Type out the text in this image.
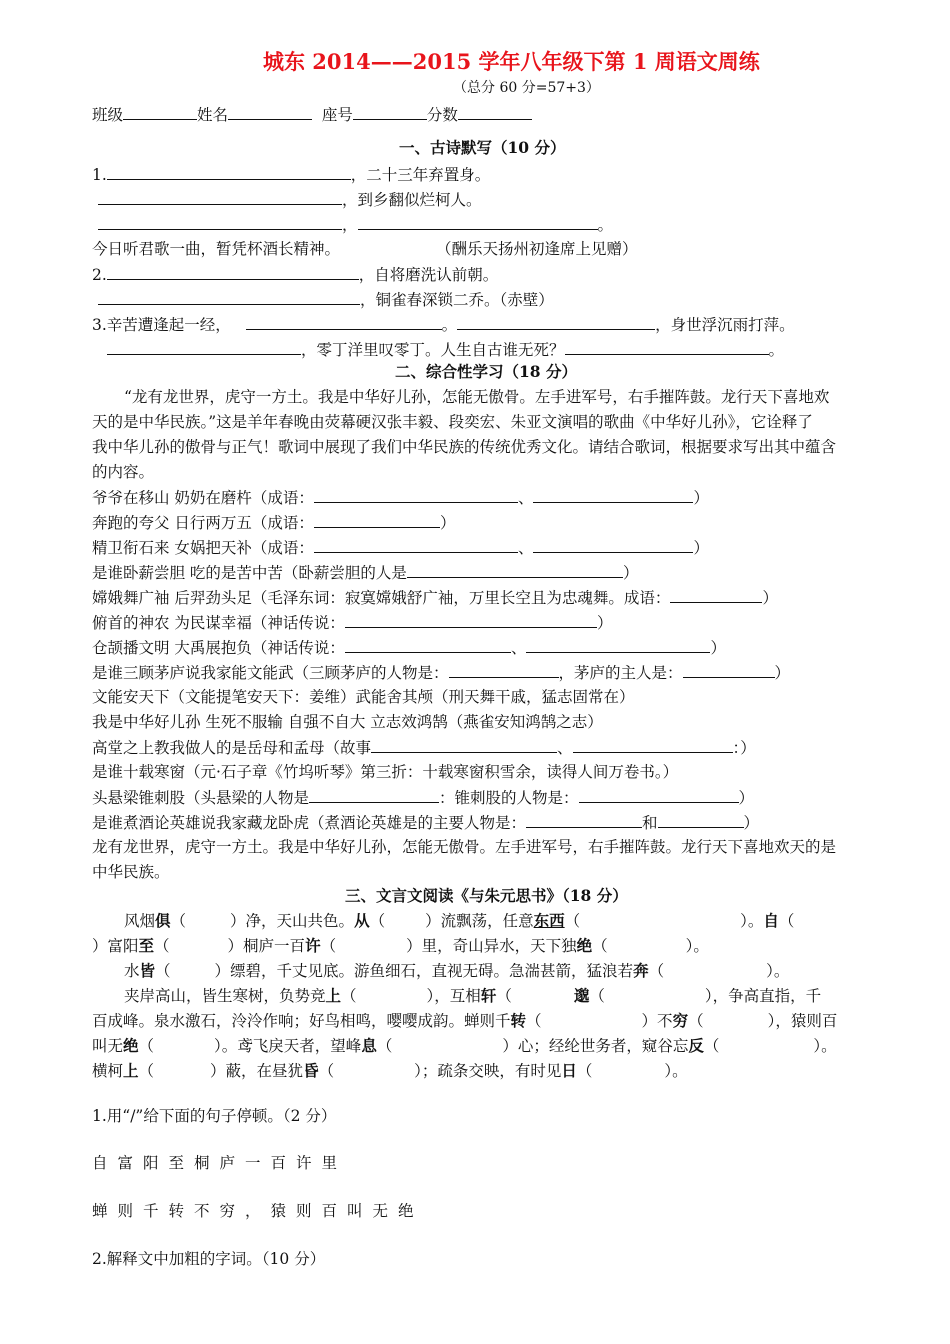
城东 2014——2015 学年八年级下第 1 周语文周练
（总分 60 分=57+3）
班级	姓名	座号	分数
一、古诗默写（10 分）
1.	，二十三年弃置身。
，到乡翻似烂柯人。
，	。
今日听君歌一曲，暂凭杯酒长精神。	（酬乐天扬州初逢席上见赠）
2.	，自将磨洗认前朝。
，铜雀春深锁二乔。（赤壁）
3.辛苦遭逢起一经，	。	，身世浮沉雨打萍。
，零丁洋里叹零丁。人生自古谁无死？	。
二、综合性学习（18 分）
“龙有龙世界，虎守一方土。我是中华好儿孙，怎能无傲骨。左手进军号，右手摧阵鼓。龙行天下喜地欢
天的是中华民族。”这是羊年春晚由荧幕硬汉张丰毅、段奕宏、朱亚文演唱的歌曲《中华好儿孙》，它诠释了
我中华儿孙的傲骨与正气！歌词中展现了我们中华民族的传统优秀文化。请结合歌词，根据要求写出其中蕴含
的内容。
爷爷在移山 奶奶在磨杵（成语：	、	）
奔跑的夸父 日行两万五（成语：	）
精卫衔石来 女娲把天补（成语：	、	）
是谁卧薪尝胆 吃的是苦中苦（卧薪尝胆的人是	）
嫦娥舞广袖 后羿劲头足（毛泽东词：寂寞嫦娥舒广袖，万里长空且为忠魂舞。成语：	）
俯首的神农 为民谋幸福（神话传说：	）
仓颉播文明 大禹展抱负（神话传说：	、	）
是谁三顾茅庐说我家能文能武（三顾茅庐的人物是：	，茅庐的主人是：	）
文能安天下（文能提笔安天下：姜维）武能舍其颅（刑天舞干戚，猛志固常在）
我是中华好儿孙 生死不服输 自强不自大 立志效鸿鹄（燕雀安知鸿鹄之志）
高堂之上教我做人的是岳母和孟母（故事	、	：）
是谁十载寒窗（元·石子章《竹坞听琴》第三折：十载寒窗积雪余，读得人间万卷书。）
头悬梁锥刺股（头悬梁的人物是	：锥刺股的人物是：	）
是谁煮酒论英雄说我家藏龙卧虎（煮酒论英雄是的主要人物是：	和	）
龙有龙世界，虎守一方土。我是中华好儿孙，怎能无傲骨。左手进军号，右手摧阵鼓。龙行天下喜地欢天的是
中华民族。
三、文言文阅读《与朱元思书》（18 分）
风烟俱（	）净，天山共色。从（	）流飘荡，任意东西（	）。自（
）富阳至（	）桐庐一百许（	）里，奇山异水，天下独绝（	）。
水皆（	）缥碧，千丈见底。游鱼细石，直视无碍。急湍甚箭，猛浪若奔（	）。
夹岸高山，皆生寒树，负势竞上（	），互相轩（	邈（	），争高直指，千
百成峰。泉水激石，泠泠作响；好鸟相鸣，嘤嘤成韵。蝉则千转（	）不穷（	），猿则百
叫无绝（	）。鸢飞戾天者，望峰息（	）心；经纶世务者，窥谷忘反（	）。
横柯上（	）蔽，在昼犹昏（	）；疏条交映，有时见日（	）。
1.用“/”给下面的句子停顿。（2 分）
自富阳至桐庐一百许里
蝉则千转不穷，猿则百叫无绝
2.解释文中加粗的字词。（10 分）
